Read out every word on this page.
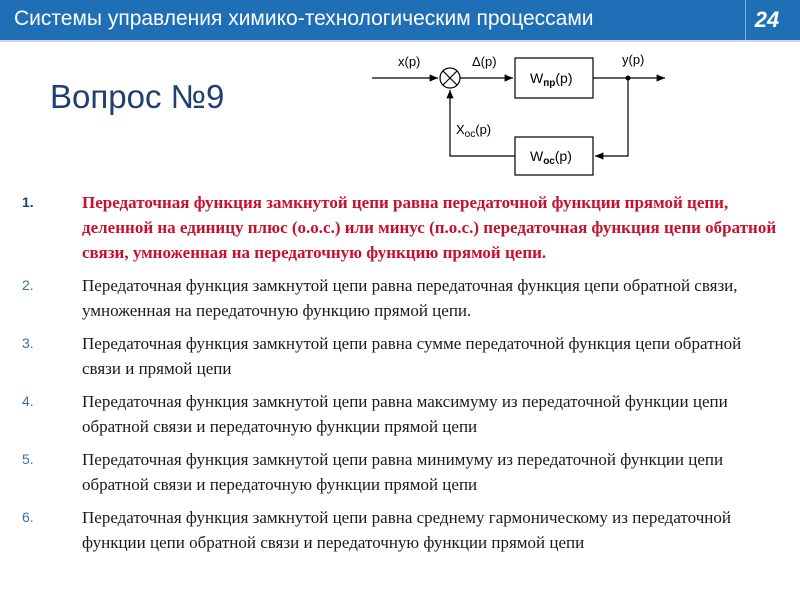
Системы управления химико-технологическим процессами	24
Вопрос №9
x(p)	Δ(p)
$W_{пр}(p)$
y(p)
$W_{ос}(p)$
$X_{ос}(p)$
1.	Передаточная функция замкнутой цепи равна передаточной функции прямой цепи, деленной на единицу плюс (о.о.с.) или минус (п.о.с.) передаточная функция цепи обратной связи, умноженная на передаточную функцию прямой цепи.
2.	Передаточная функция замкнутой цепи равна передаточная функция цепи обратной связи, умноженная на передаточную функцию прямой цепи.
3.	Передаточная функция замкнутой цепи равна сумме передаточной функция цепи обратной связи и прямой цепи
4.	Передаточная функция замкнутой цепи равна максимуму из передаточной функции цепи обратной связи и передаточную функции прямой цепи
5.	Передаточная функция замкнутой цепи равна минимуму из передаточной функции цепи обратной связи и передаточную функции прямой цепи
6.	Передаточная функция замкнутой цепи равна среднему гармоническому из передаточной функции цепи обратной связи и передаточную функции прямой цепи
